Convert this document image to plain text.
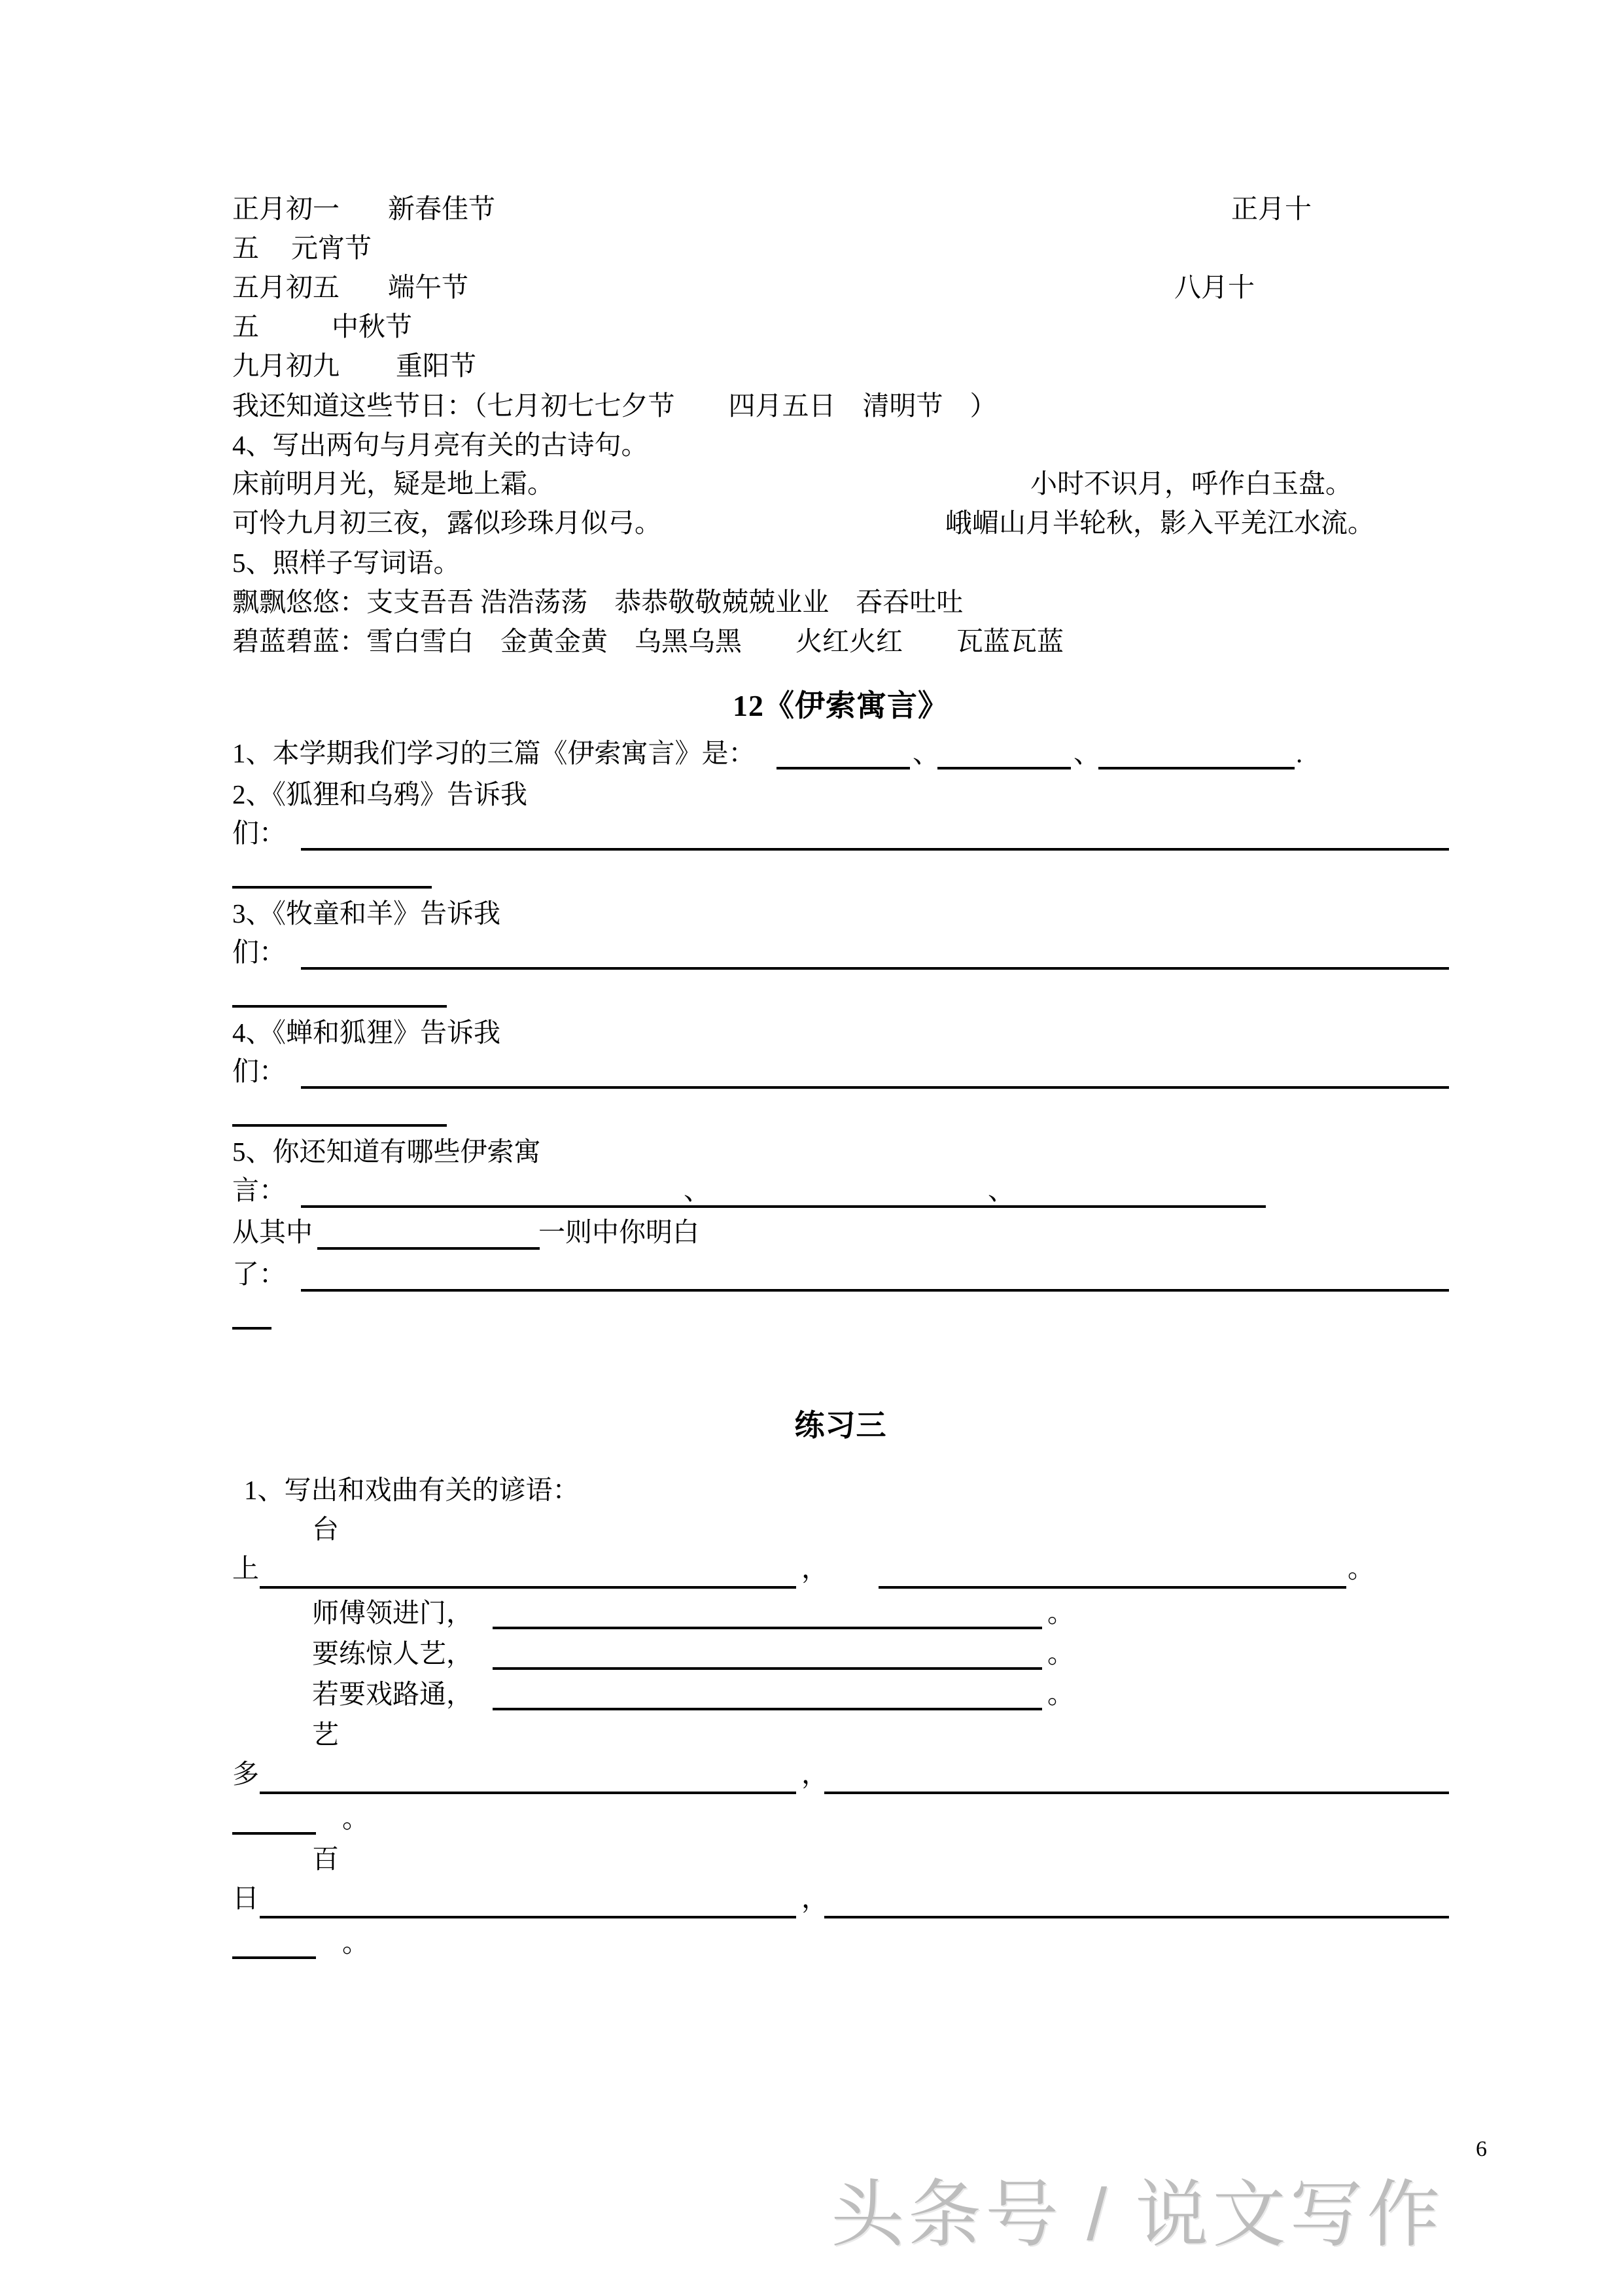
正月初一 新春佳节	正月十
五 元宵节
五月初五 端午节	八月十
五	中秋节
九月初九 重阳节
我还知道这些节日：（七月初七七夕节　　四月五日　清明节　）
4、写出两句与月亮有关的古诗句。
床前明月光，疑是地上霜。	小时不识月，呼作白玉盘。
可怜九月初三夜，露似珍珠月似弓。	峨嵋山月半轮秋，影入平羌江水流。
5、照样子写词语。
飘飘悠悠：支支吾吾 浩浩荡荡　恭恭敬敬兢兢业业　吞吞吐吐
碧蓝碧蓝：雪白雪白　金黄金黄　乌黑乌黑　　火红火红　　瓦蓝瓦蓝
12《伊索寓言》
1、本学期我们学习的三篇《伊索寓言》是：	、	、	.
2、《狐狸和乌鸦》告诉我
们：
3、《牧童和羊》告诉我
们：
4、《蝉和狐狸》告诉我
们：
5、你还知道有哪些伊索寓
言：	、	、
从其中	一则中你明白
了：
练习三
1、写出和戏曲有关的谚语：
台
上	，	。
师傅领进门，	。
要练惊人艺，	。
若要戏路通，	。
艺
多	，
。
百
日	，
。
6
头条号 / 说文写作
